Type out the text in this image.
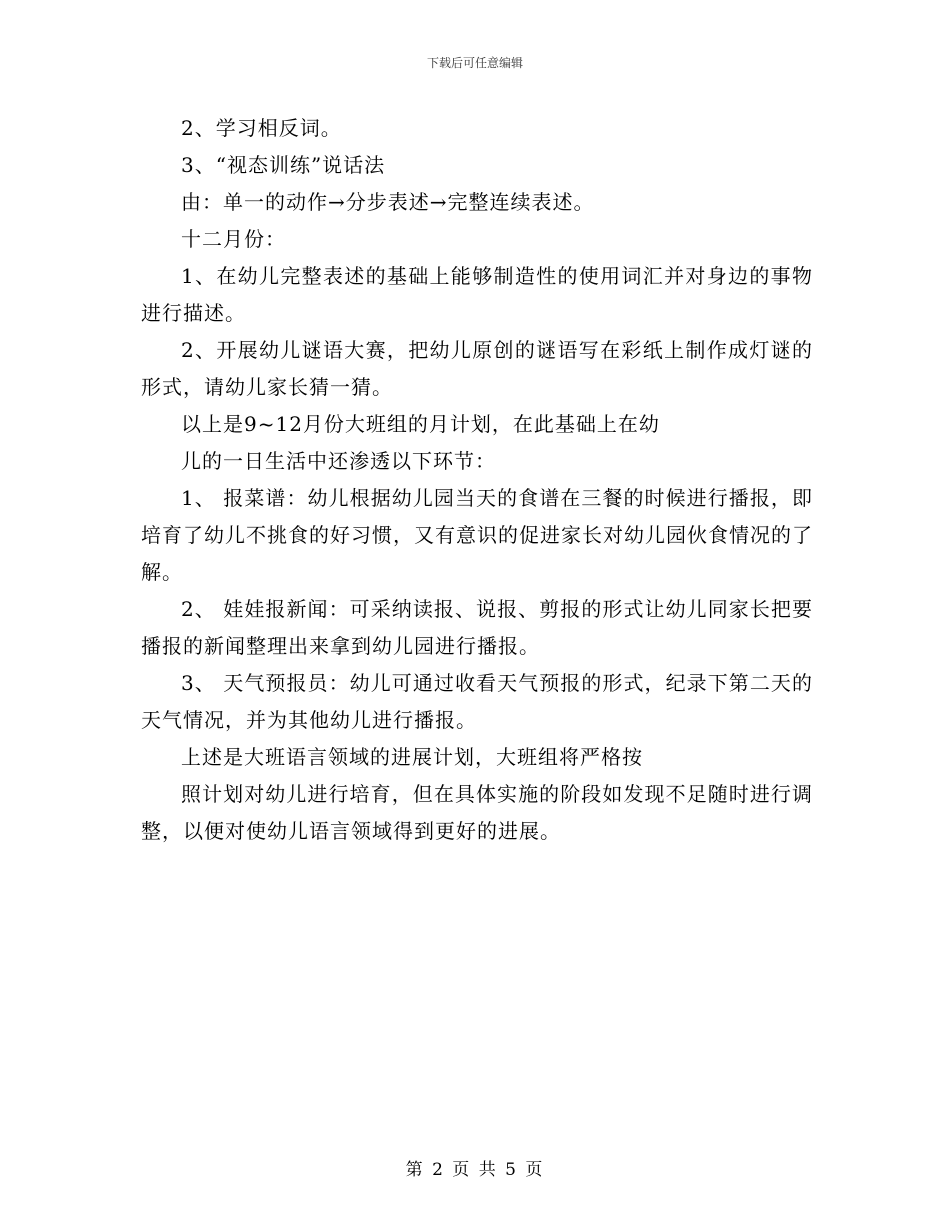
下载后可任意编辑

2、学习相反词。

3、“视态训练”说话法

由：单一的动作→分步表述→完整连续表述。

十二月份：

1、在幼儿完整表述的基础上能够制造性的使用词汇并对身边的事物进行描述。

2、开展幼儿谜语大赛，把幼儿原创的谜语写在彩纸上制作成灯谜的形式，请幼儿家长猜一猜。

以上是9~12月份大班组的月计划，在此基础上在幼

儿的一日生活中还渗透以下环节：

1、 报菜谱：幼儿根据幼儿园当天的食谱在三餐的时候进行播报，即培育了幼儿不挑食的好习惯，又有意识的促进家长对幼儿园伙食情况的了解。

2、 娃娃报新闻：可采纳读报、说报、剪报的形式让幼儿同家长把要播报的新闻整理出来拿到幼儿园进行播报。

3、 天气预报员：幼儿可通过收看天气预报的形式，纪录下第二天的天气情况，并为其他幼儿进行播报。

上述是大班语言领域的进展计划，大班组将严格按

照计划对幼儿进行培育，但在具体实施的阶段如发现不足随时进行调整，以便对使幼儿语言领域得到更好的进展。

第 2 页 共 5 页
